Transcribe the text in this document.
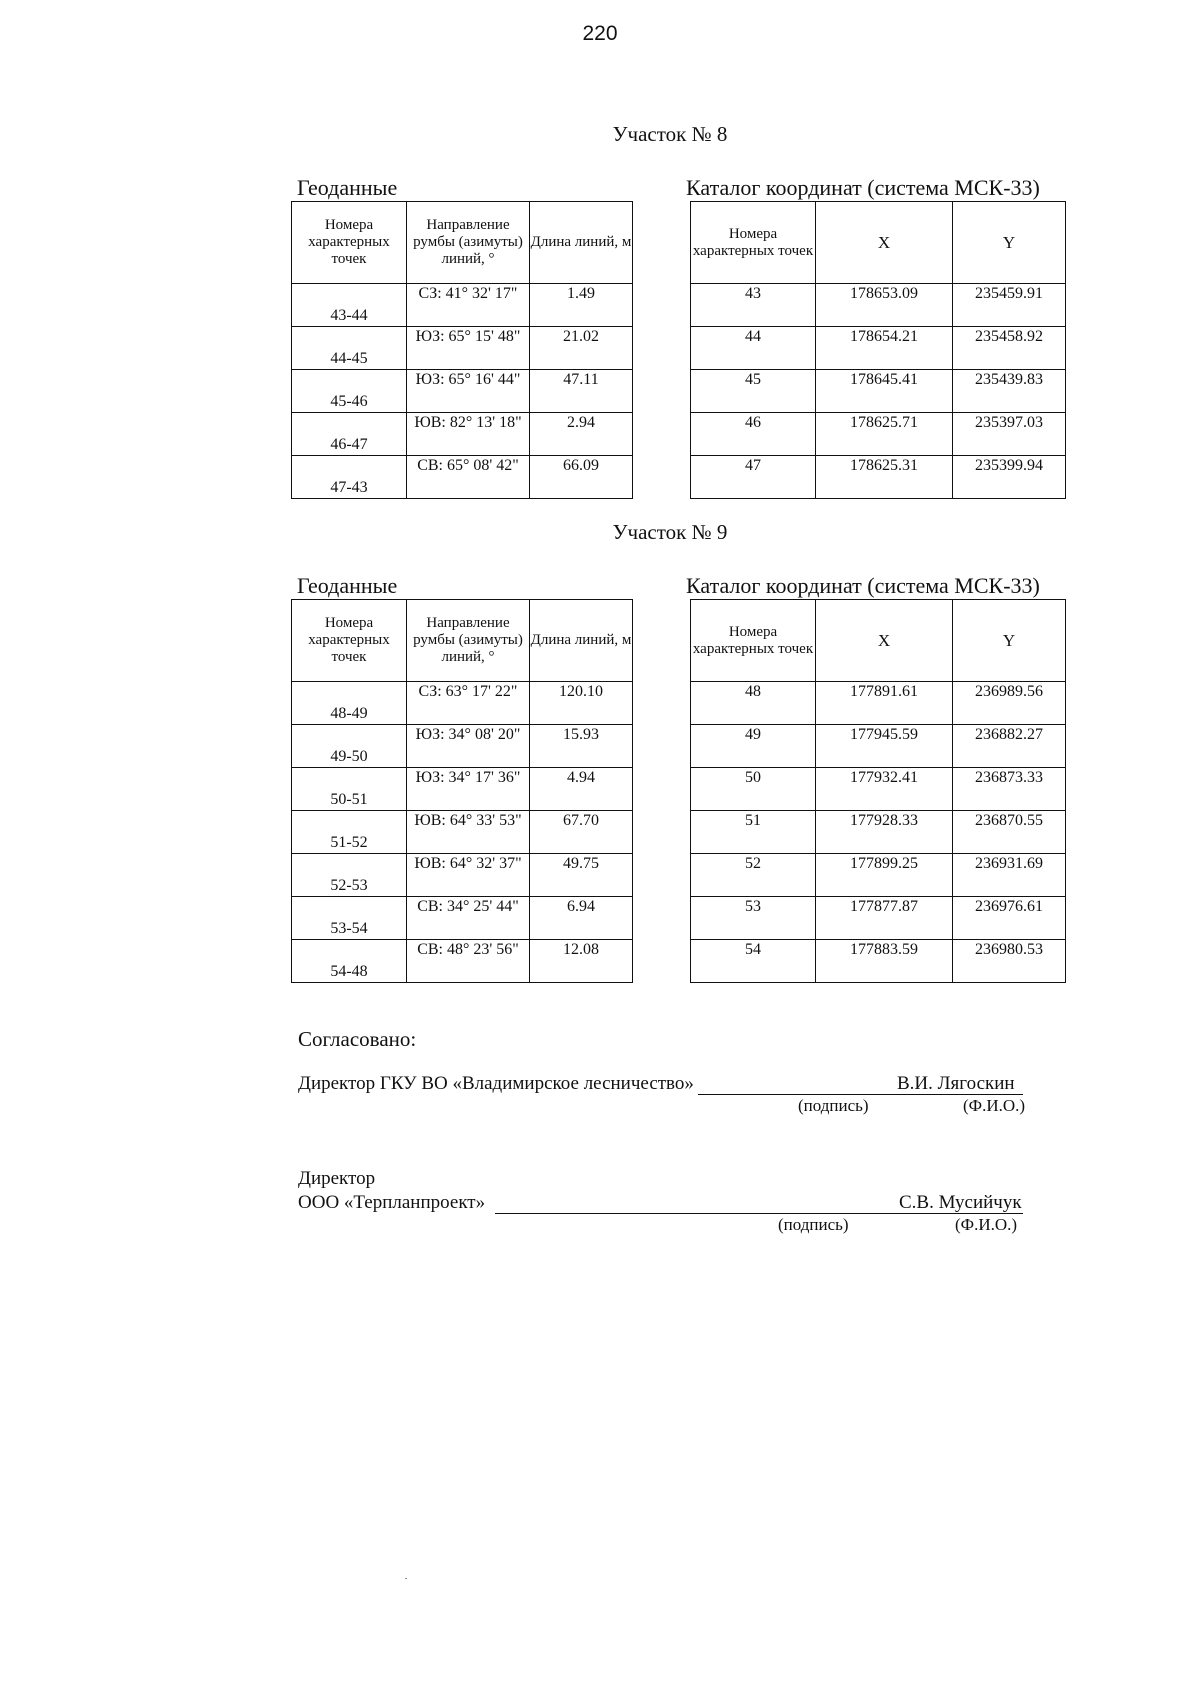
220
Участок № 8
Геоданные	Каталог координат (система МСК-33)
Номера характерных точек	Направление румбы (азимуты) линий, °	Длина линий, м
43-44	СЗ: 41° 32' 17"	1.49
44-45	ЮЗ: 65° 15' 48"	21.02
45-46	ЮЗ: 65° 16' 44"	47.11
46-47	ЮВ: 82° 13' 18"	2.94
47-43	СВ: 65° 08' 42"	66.09
Номера характерных точек	X	Y
43	178653.09	235459.91
44	178654.21	235458.92
45	178645.41	235439.83
46	178625.71	235397.03
47	178625.31	235399.94
Участок № 9
Геоданные	Каталог координат (система МСК-33)
Номера характерных точек	Направление румбы (азимуты) линий, °	Длина линий, м
48-49	СЗ: 63° 17' 22"	120.10
49-50	ЮЗ: 34° 08' 20"	15.93
50-51	ЮЗ: 34° 17' 36"	4.94
51-52	ЮВ: 64° 33' 53"	67.70
52-53	ЮВ: 64° 32' 37"	49.75
53-54	СВ: 34° 25' 44"	6.94
54-48	СВ: 48° 23' 56"	12.08
Номера характерных точек	X	Y
48	177891.61	236989.56
49	177945.59	236882.27
50	177932.41	236873.33
51	177928.33	236870.55
52	177899.25	236931.69
53	177877.87	236976.61
54	177883.59	236980.53
Согласовано:
Директор ГКУ ВО «Владимирское лесничество»	В.И. Лягоскин
(подпись)	(Ф.И.О.)
Директор
ООО «Терпланпроект»	С.В. Мусийчук
(подпись)	(Ф.И.О.)
